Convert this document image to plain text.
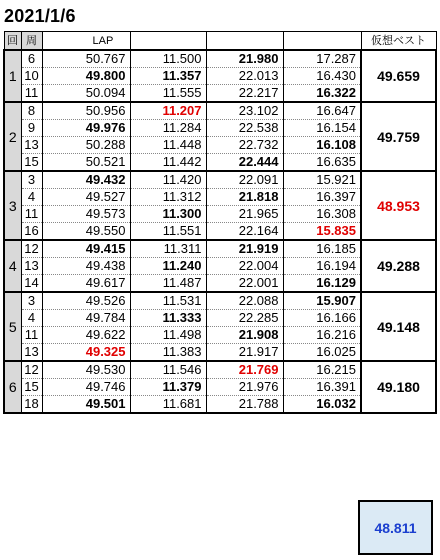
2021/1/6
回	周	LAP				仮想ベスト
1	6	50.767	11.500	21.980	17.287	49.659
	10	49.800	11.357	22.013	16.430	
	11	50.094	11.555	22.217	16.322	
2	8	50.956	11.207	23.102	16.647	49.759
	9	49.976	11.284	22.538	16.154	
	13	50.288	11.448	22.732	16.108	
	15	50.521	11.442	22.444	16.635	
3	3	49.432	11.420	22.091	15.921	48.953
	4	49.527	11.312	21.818	16.397	
	11	49.573	11.300	21.965	16.308	
	16	49.550	11.551	22.164	15.835	
4	12	49.415	11.311	21.919	16.185	49.288
	13	49.438	11.240	22.004	16.194	
	14	49.617	11.487	22.001	16.129	
5	3	49.526	11.531	22.088	15.907	49.148
	4	49.784	11.333	22.285	16.166	
	11	49.622	11.498	21.908	16.216	
	13	49.325	11.383	21.917	16.025	
6	12	49.530	11.546	21.769	16.215	49.180
	15	49.746	11.379	21.976	16.391	
	18	49.501	11.681	21.788	16.032	
48.811
